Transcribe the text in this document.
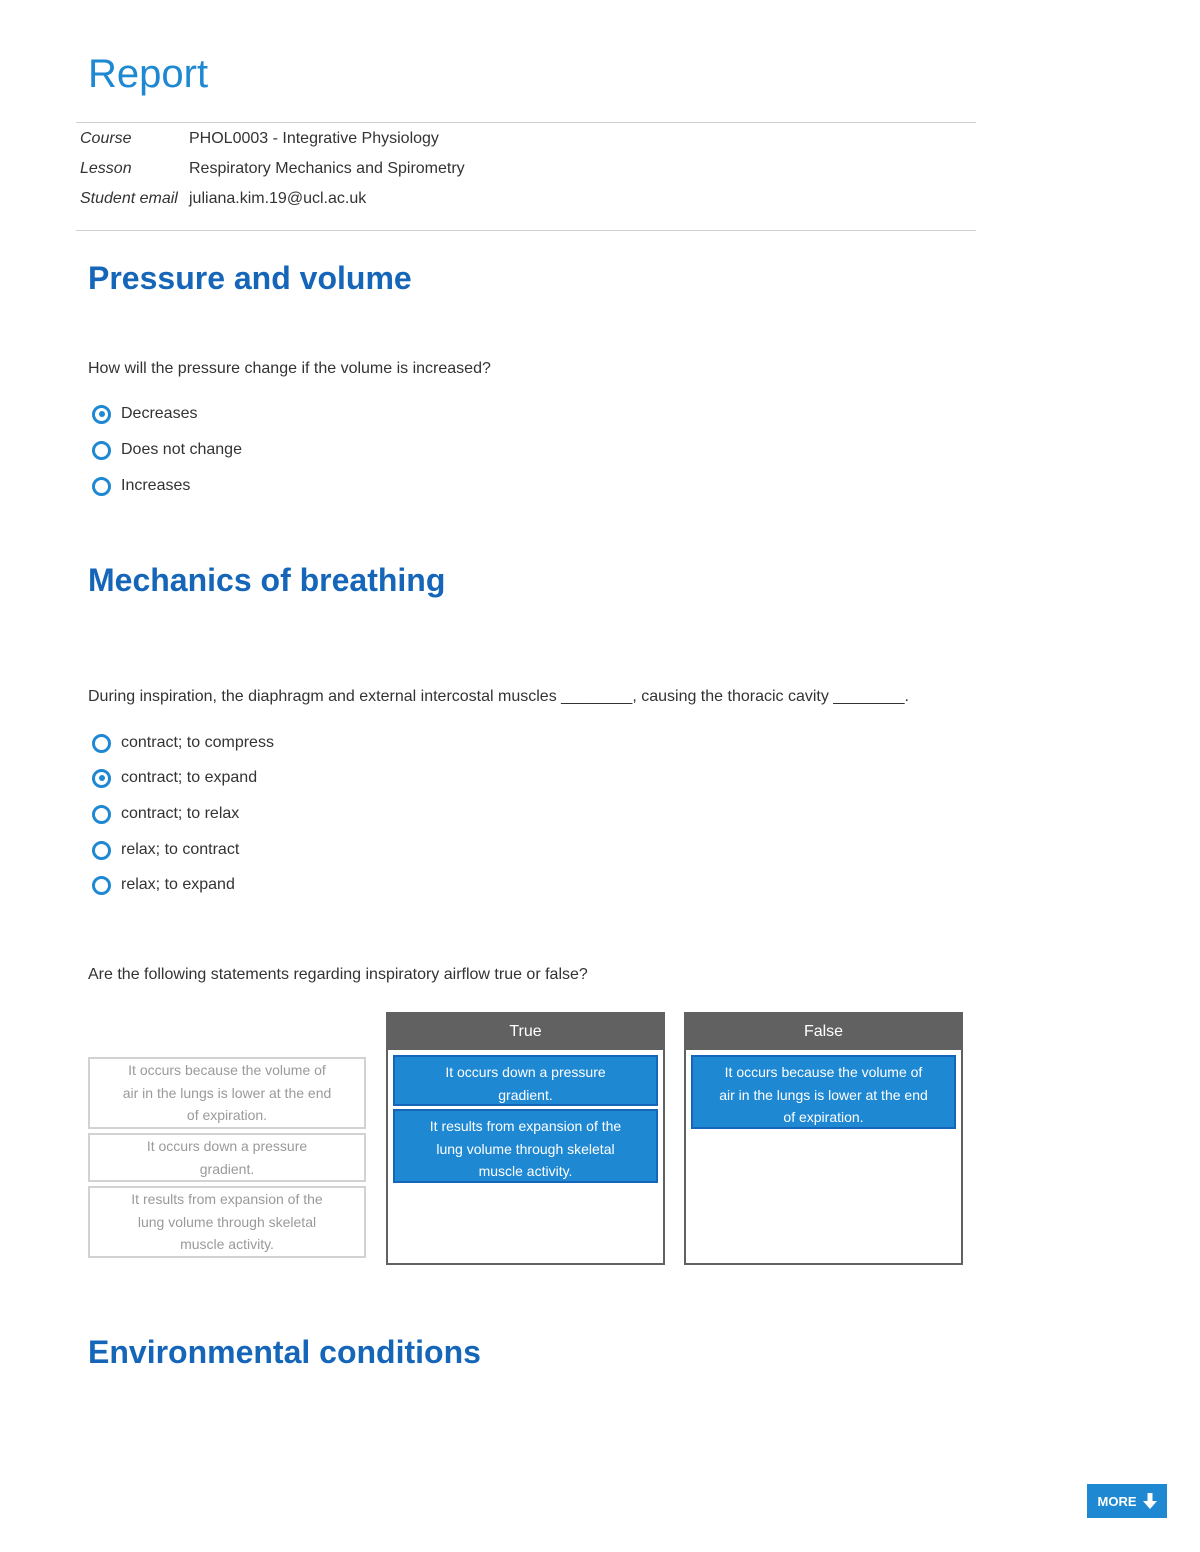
Report
Course	PHOL0003 - Integrative Physiology
Lesson	Respiratory Mechanics and Spirometry
Student email juliana.kim.19@ucl.ac.uk
Pressure and volume
How will the pressure change if the volume is increased?
Decreases
Does not change
Increases
Mechanics of breathing
During inspiration, the diaphragm and external intercostal muscles ________, causing the thoracic cavity ________.
contract; to compress
contract; to expand
contract; to relax
relax; to contract
relax; to expand
Are the following statements regarding inspiratory airflow true or false?
It occurs because the volume of air in the lungs is lower at the end of expiration.
It occurs down a pressure gradient.
It results from expansion of the lung volume through skeletal muscle activity.
True
It occurs down a pressure gradient.
It results from expansion of the lung volume through skeletal muscle activity.
False
It occurs because the volume of air in the lungs is lower at the end of expiration.
Environmental conditions
MORE
